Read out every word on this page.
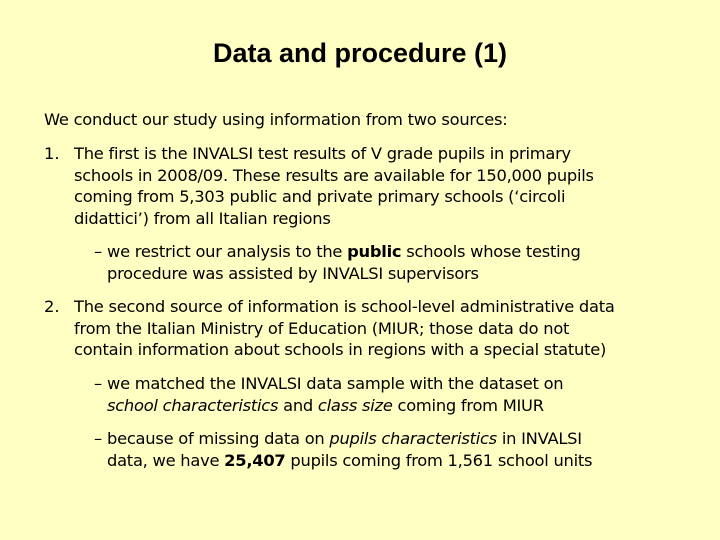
Data and procedure (1)
We conduct our study using information from two sources:
1. The first is the INVALSI test results of V grade pupils in primary
schools in 2008/09. These results are available for 150,000 pupils
coming from 5,303 public and private primary schools (‘circoli
didattici’) from all Italian regions
– we restrict our analysis to the public schools whose testing
procedure was assisted by INVALSI supervisors
2. The second source of information is school-level administrative data
from the Italian Ministry of Education (MIUR; those data do not
contain information about schools in regions with a special statute)
– we matched the INVALSI data sample with the dataset on
school characteristics and class size coming from MIUR
– because of missing data on pupils characteristics in INVALSI
data, we have 25,407 pupils coming from 1,561 school units
